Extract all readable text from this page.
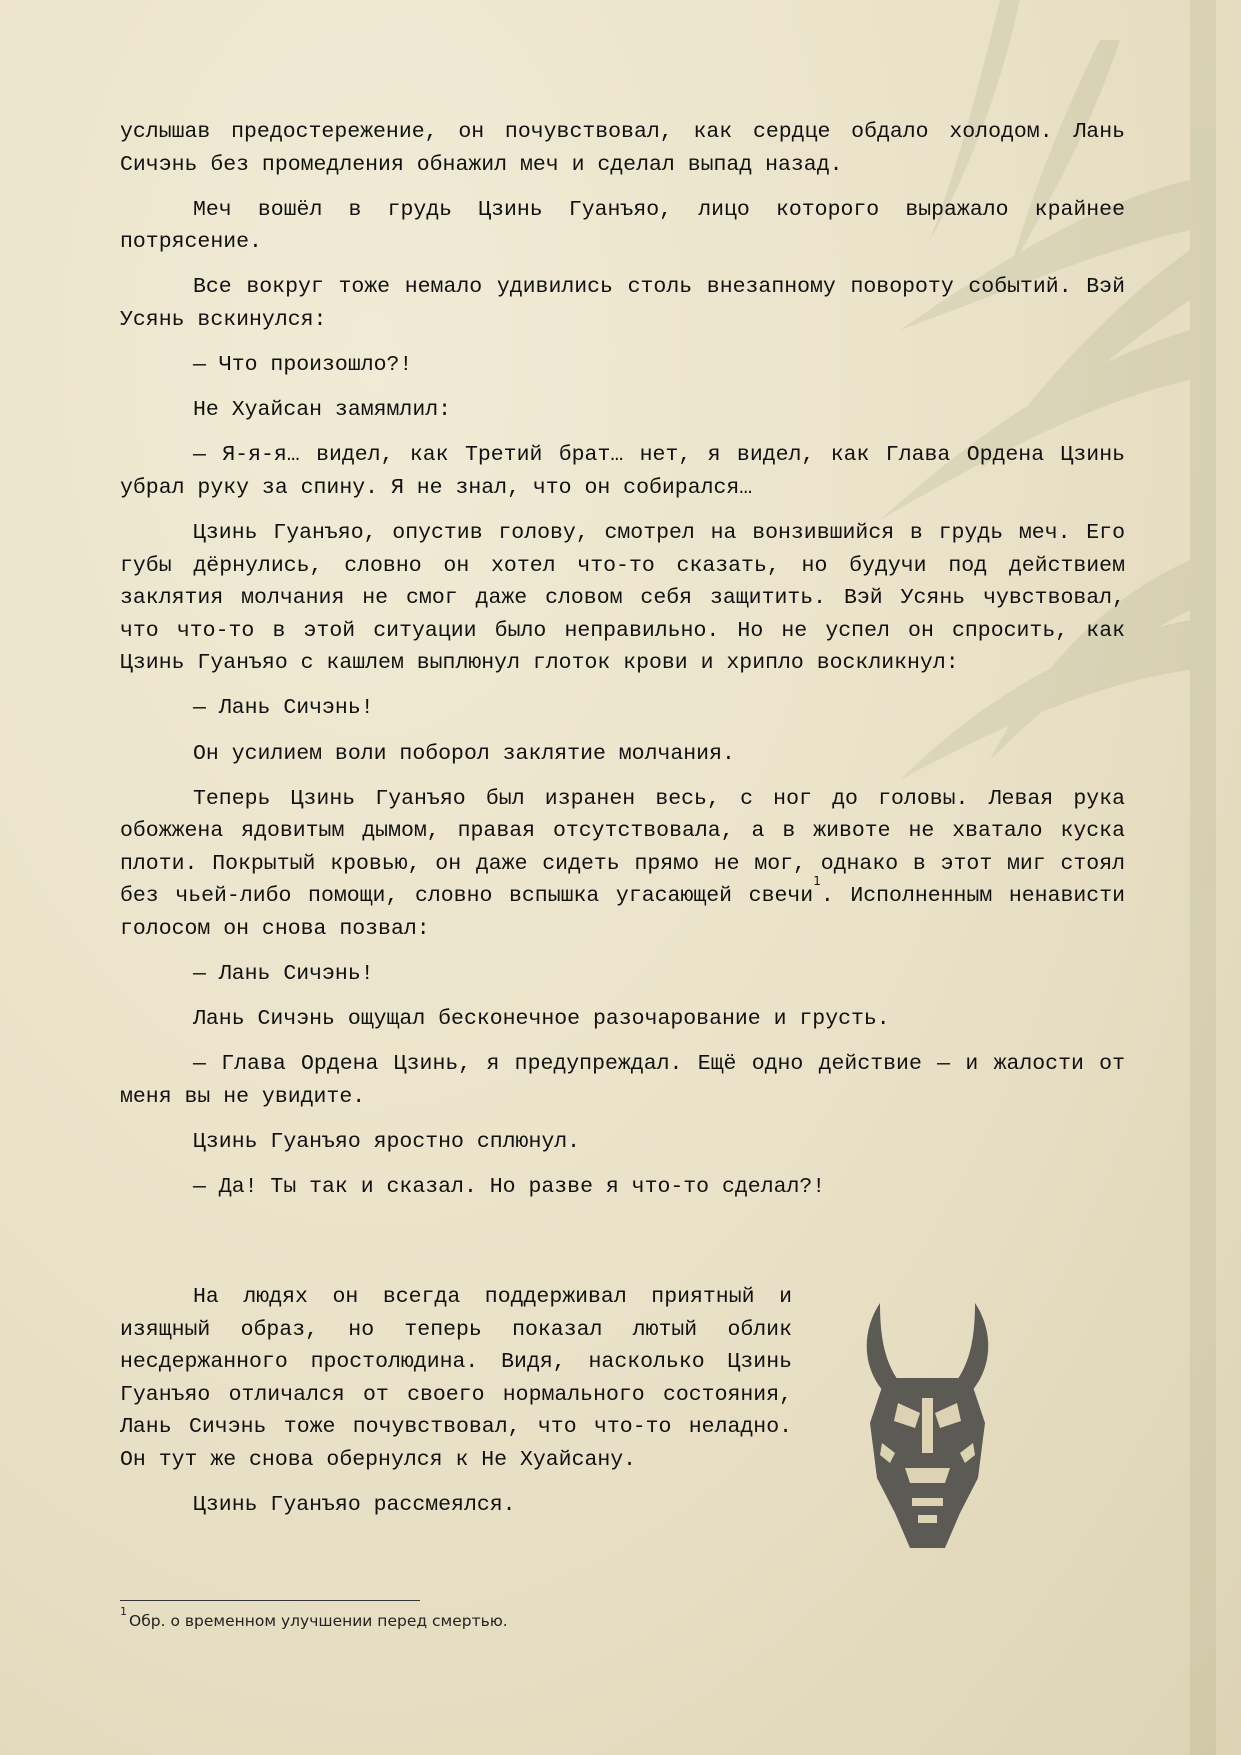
услышав предостережение, он почувствовал, как сердце обдало холодом. Лань Сичэнь без промедления обнажил меч и сделал выпад назад.

Меч вошёл в грудь Цзинь Гуанъяо, лицо которого выражало крайнее потрясение.

Все вокруг тоже немало удивились столь внезапному повороту событий. Вэй Усянь вскинулся:

— Что произошло?!

Не Хуайсан замямлил:

— Я-я-я… видел, как Третий брат… нет, я видел, как Глава Ордена Цзинь убрал руку за спину. Я не знал, что он собирался…

Цзинь Гуанъяо, опустив голову, смотрел на вонзившийся в грудь меч. Его губы дёрнулись, словно он хотел что-то сказать, но будучи под действием заклятия молчания не смог даже словом себя защитить. Вэй Усянь чувствовал, что что-то в этой ситуации было неправильно. Но не успел он спросить, как Цзинь Гуанъяо с кашлем выплюнул глоток крови и хрипло воскликнул:

— Лань Сичэнь!

Он усилием воли поборол заклятие молчания.

Теперь Цзинь Гуанъяо был изранен весь, с ног до головы. Левая рука обожжена ядовитым дымом, правая отсутствовала, а в животе не хватало куска плоти. Покрытый кровью, он даже сидеть прямо не мог, однако в этот миг стоял без чьей-либо помощи, словно вспышка угасающей свечи$^1$. Исполненным ненависти голосом он снова позвал:

— Лань Сичэнь!

Лань Сичэнь ощущал бесконечное разочарование и грусть.

— Глава Ордена Цзинь, я предупреждал. Ещё одно действие — и жалости от меня вы не увидите.

Цзинь Гуанъяо яростно сплюнул.

— Да! Ты так и сказал. Но разве я что-то сделал?!

На людях он всегда поддерживал приятный и изящный образ, но теперь показал лютый облик несдержанного простолюдина. Видя, насколько Цзинь Гуанъяо отличался от своего нормального состояния, Лань Сичэнь тоже почувствовал, что что-то неладно. Он тут же снова обернулся к Не Хуайсану.

Цзинь Гуанъяо рассмеялся.

$^1$Обр. о временном улучшении перед смертью.
